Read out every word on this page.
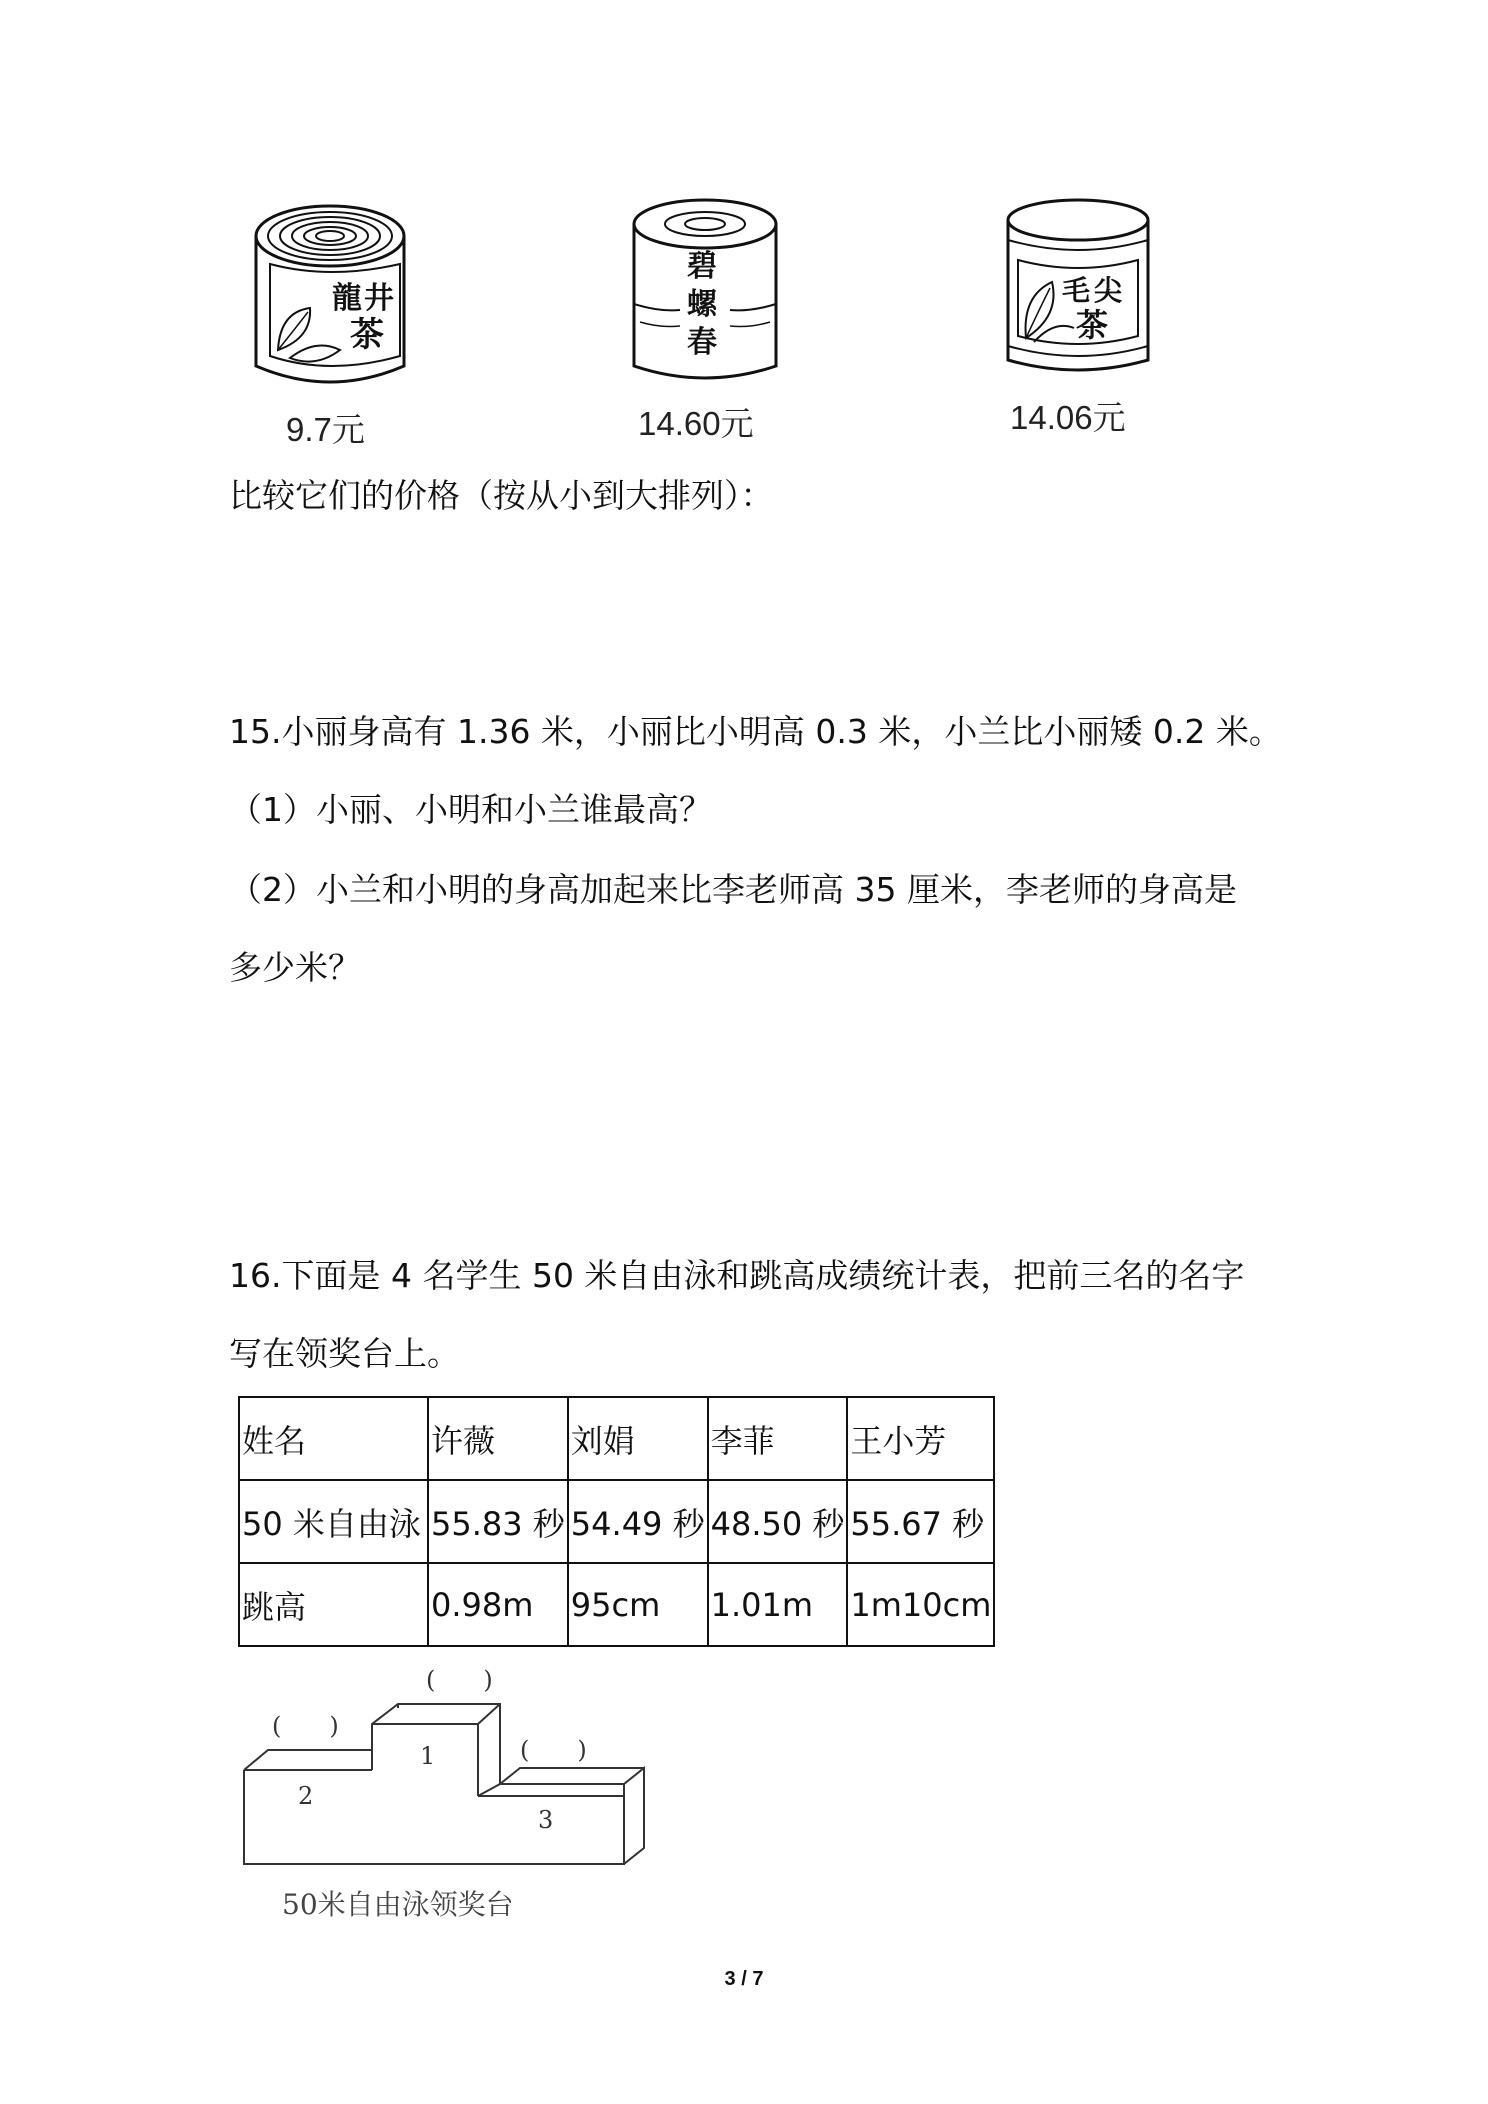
龍 井
茶
9.7元
碧
螺
春
14.60元
毛 尖
茶
14.06元
比较它们的价格（按从小到大排列）：
15.小丽身高有 1.36 米，小丽比小明高 0.3 米，小兰比小丽矮 0.2 米。
（1）小丽、小明和小兰谁最高？
（2）小兰和小明的身高加起来比李老师高 35 厘米，李老师的身高是
多少米？
16.下面是 4 名学生 50 米自由泳和跳高成绩统计表，把前三名的名字
写在领奖台上。
姓名	许薇	刘娟	李菲	王小芳
50 米自由泳	55.83 秒	54.49 秒	48.50 秒	55.67 秒
跳高	0.98m	95cm	1.01m	1m10cm
(　　)
(　　)
(　　)
1
2
3
50米自由泳领奖台
3 / 7
